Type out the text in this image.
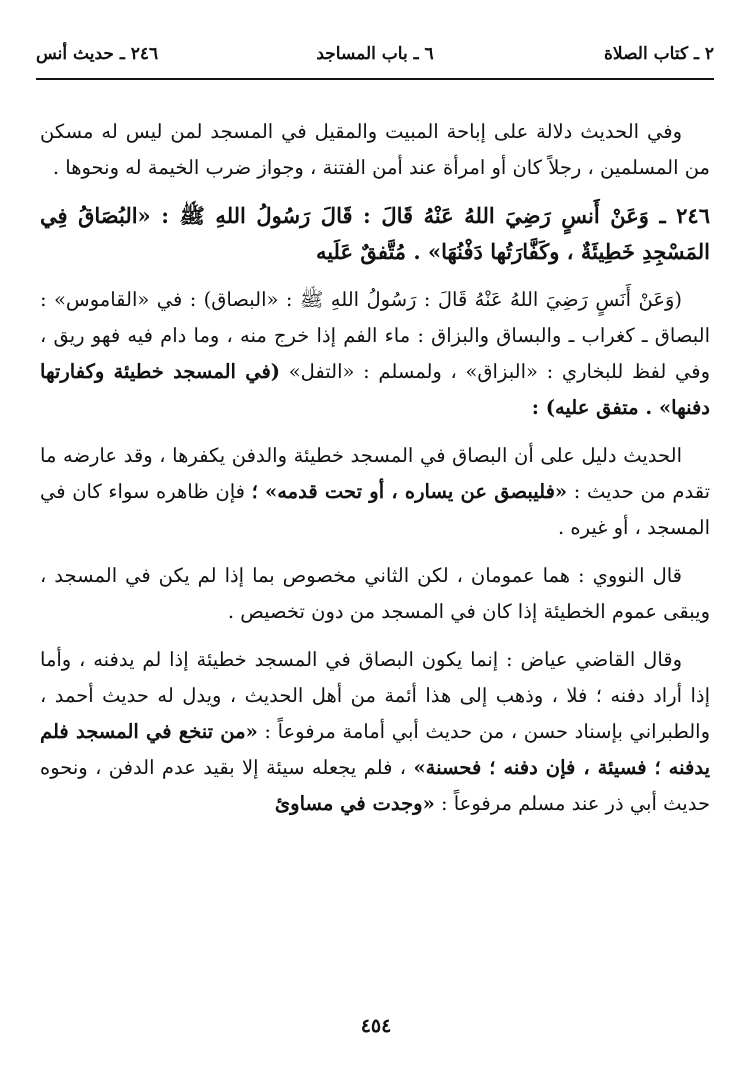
٢ ـ كتاب الصلاة
٦ ـ باب المساجد
٢٤٦ ـ حديث أنس

وفي الحديث دلالة على إباحة المبيت والمقيل في المسجد لمن ليس له مسكن من المسلمين ، رجلاً كان أو امرأة عند أمن الفتنة ، وجواز ضرب الخيمة له ونحوها .

٢٤٦ ـ وَعَنْ أَنسٍ رَضِيَ اللهُ عَنْهُ قَالَ : قَالَ رَسُولُ اللهِ ﷺ : «البُصَاقُ فِي المَسْجِدِ خَطِيئَةٌ ، وكَفَّارَتُها دَفْنُهَا» . مُتَّفقٌ عَلَيه

(وَعَنْ أَنَسٍ رَضِيَ اللهُ عَنْهُ قَالَ : رَسُولُ اللهِ ﷺ : «البصاق) : في «القاموس» : البصاق ـ كغراب ـ والبساق والبزاق : ماء الفم إذا خرج منه ، وما دام فيه فهو ريق ، وفي لفظ للبخاري : «البزاق» ، ولمسلم : «التفل» (في المسجد خطيئة وكفارتها دفنها» . متفق عليه) :

الحديث دليل على أن البصاق في المسجد خطيئة والدفن يكفرها ، وقد عارضه ما تقدم من حديث : «فليبصق عن يساره ، أو تحت قدمه» ؛ فإن ظاهره سواء كان في المسجد ، أو غيره .

قال النووي : هما عمومان ، لكن الثاني مخصوص بما إذا لم يكن في المسجد ، ويبقى عموم الخطيئة إذا كان في المسجد من دون تخصيص .

وقال القاضي عياض : إنما يكون البصاق في المسجد خطيئة إذا لم يدفنه ، وأما إذا أراد دفنه ؛ فلا ، وذهب إلى هذا أئمة من أهل الحديث ، ويدل له حديث أحمد ، والطبراني بإسناد حسن ، من حديث أبي أمامة مرفوعاً : «من تنخع في المسجد فلم يدفنه ؛ فسيئة ، فإن دفنه ؛ فحسنة» ، فلم يجعله سيئة إلا بقيد عدم الدفن ، ونحوه حديث أبي ذر عند مسلم مرفوعاً : «وجدت في مساوئ

٤٥٤
